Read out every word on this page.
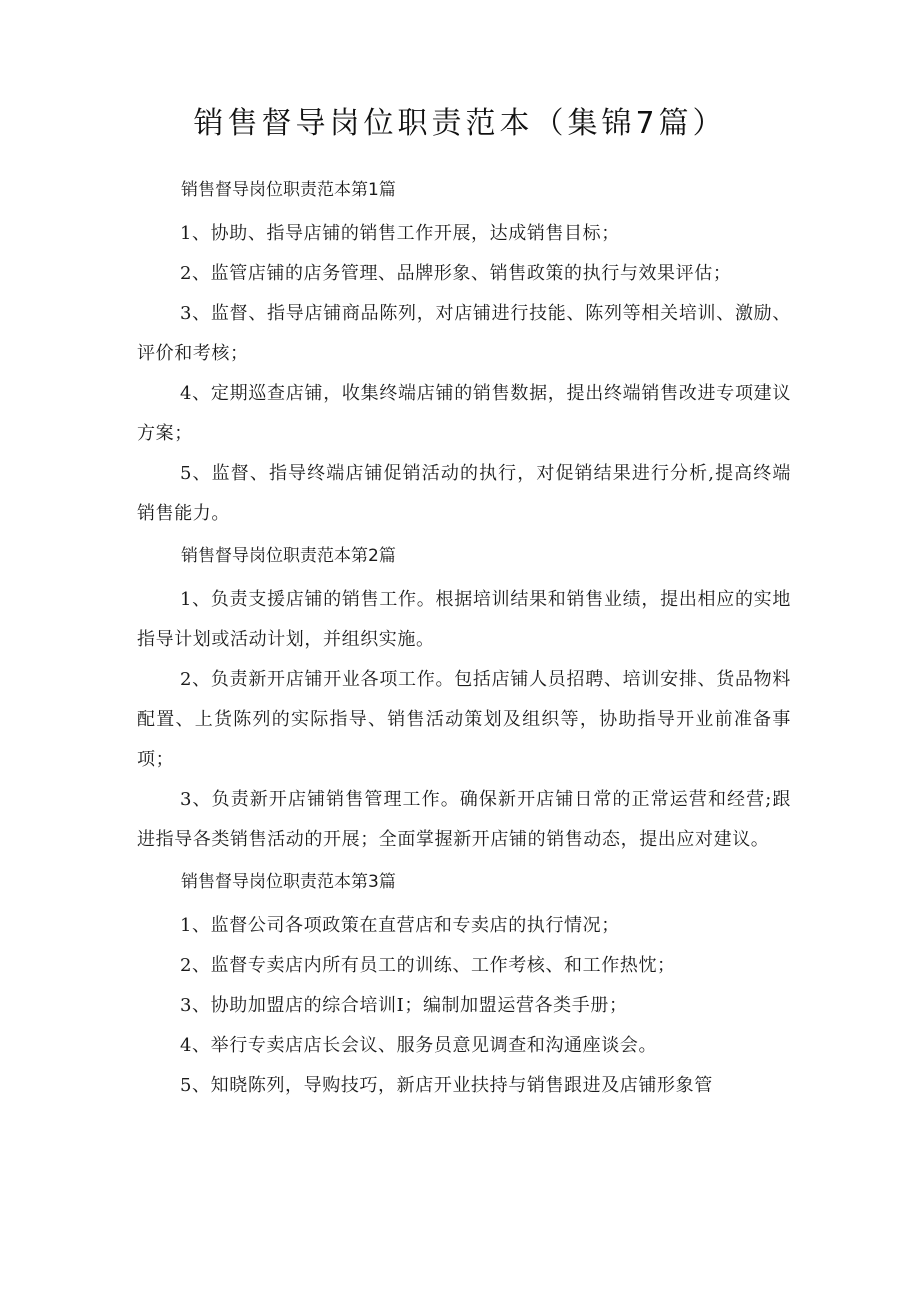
销售督导岗位职责范本（集锦7篇）
销售督导岗位职责范本第1篇

1、协助、指导店铺的销售工作开展，达成销售目标；

2、监管店铺的店务管理、品牌形象、销售政策的执行与效果评估；

3、监督、指导店铺商品陈列，对店铺进行技能、陈列等相关培训、激励、评价和考核；

4、定期巡查店铺，收集终端店铺的销售数据，提出终端销售改进专项建议方案；

5、监督、指导终端店铺促销活动的执行，对促销结果进行分析,提高终端销售能力。

销售督导岗位职责范本第2篇

1、负责支援店铺的销售工作。根据培训结果和销售业绩，提出相应的实地指导计划或活动计划，并组织实施。

2、负责新开店铺开业各项工作。包括店铺人员招聘、培训安排、货品物料配置、上货陈列的实际指导、销售活动策划及组织等，协助指导开业前准备事项；

3、负责新开店铺销售管理工作。确保新开店铺日常的正常运营和经营;跟进指导各类销售活动的开展；全面掌握新开店铺的销售动态，提出应对建议。

销售督导岗位职责范本第3篇

1、监督公司各项政策在直营店和专卖店的执行情况；

2、监督专卖店内所有员工的训练、工作考核、和工作热忱；

3、协助加盟店的综合培训I；编制加盟运营各类手册；

4、举行专卖店店长会议、服务员意见调查和沟通座谈会。

5、知晓陈列，导购技巧，新店开业扶持与销售跟进及店铺形象管
